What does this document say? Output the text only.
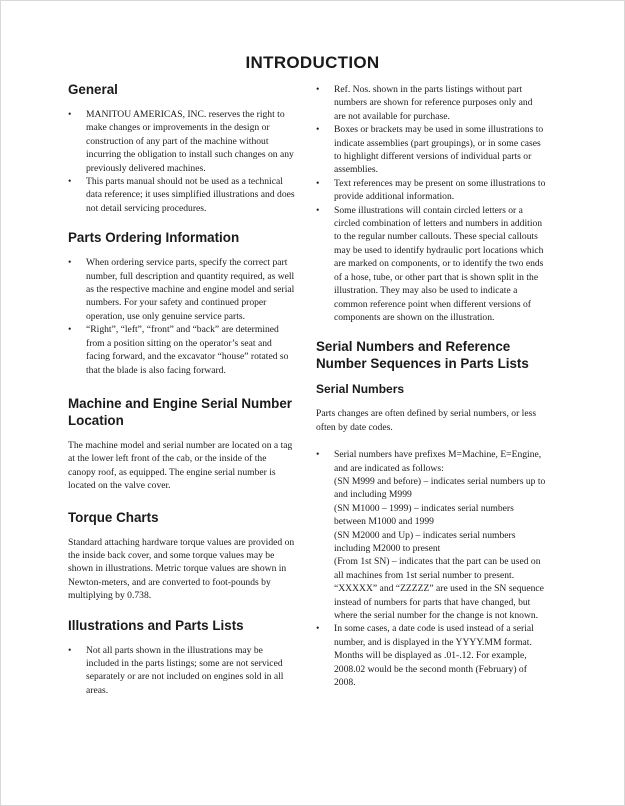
INTRODUCTION
General
• MANITOU AMERICAS, INC. reserves the right to make changes or improvements in the design or construction of any part of the machine without incurring the obligation to install such changes on any previously delivered machines.
• This parts manual should not be used as a technical data reference; it uses simplified illustrations and does not detail servicing procedures.
Parts Ordering Information
• When ordering service parts, specify the correct part number, full description and quantity required, as well as the respective machine and engine model and serial numbers. For your safety and continued proper operation, use only genuine service parts.
• “Right”, “left”, “front” and “back” are determined from a position sitting on the operator’s seat and facing forward, and the excavator “house” rotated so that the blade is also facing forward.
Machine and Engine Serial Number Location

The machine model and serial number are located on a tag at the lower left front of the cab, or the inside of the canopy roof, as equipped. The engine serial number is located on the valve cover.

Torque Charts

Standard attaching hardware torque values are provided on the inside back cover, and some torque values may be shown in illustrations. Metric torque values are shown in Newton-meters, and are converted to foot-pounds by multiplying by 0.738.

Illustrations and Parts Lists
• Not all parts shown in the illustrations may be included in the parts listings; some are not serviced separately or are not included on engines sold in all areas.
• Ref. Nos. shown in the parts listings without part numbers are shown for reference purposes only and are not available for purchase.
• Boxes or brackets may be used in some illustrations to indicate assemblies (part groupings), or in some cases to highlight different versions of individual parts or assemblies.
• Text references may be present on some illustrations to provide additional information.
• Some illustrations will contain circled letters or a circled combination of letters and numbers in addition to the regular number callouts. These special callouts may be used to identify hydraulic port locations which are marked on components, or to identify the two ends of a hose, tube, or other part that is shown split in the illustration. They may also be used to indicate a common reference point when different versions of components are shown on the illustration.
Serial Numbers and Reference Number Sequences in Parts Lists
Serial Numbers

Parts changes are often defined by serial numbers, or less often by date codes.

• Serial numbers have prefixes M=Machine, E=Engine, and are indicated as follows:
(SN M999 and before) – indicates serial numbers up to and including M999
(SN M1000 – 1999) – indicates serial numbers between M1000 and 1999
(SN M2000 and Up) – indicates serial numbers including M2000 to present
(From 1st SN) – indicates that the part can be used on all machines from 1st serial number to present.
“XXXXX” and “ZZZZZ” are used in the SN sequence instead of numbers for parts that have changed, but where the serial number for the change is not known.
• In some cases, a date code is used instead of a serial number, and is displayed in the YYYY.MM format. Months will be displayed as .01-.12. For example, 2008.02 would be the second month (February) of 2008.
